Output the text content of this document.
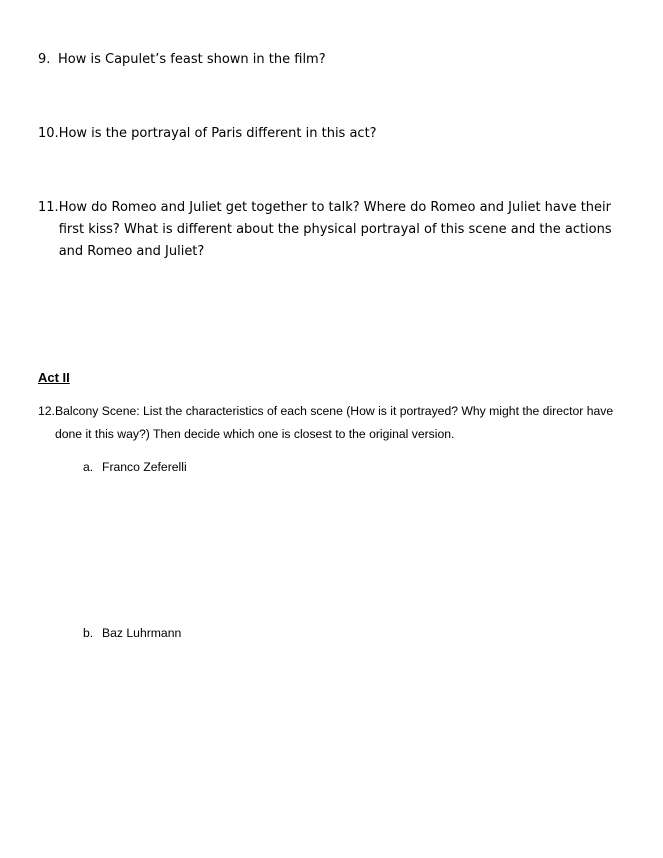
9. How is Capulet’s feast shown in the film?
10. How is the portrayal of Paris different in this act?
11. How do Romeo and Juliet get together to talk? Where do Romeo and Juliet have their first kiss? What is different about the physical portrayal of this scene and the actions and Romeo and Juliet?
Act II
12. Balcony Scene: List the characteristics of each scene (How is it portrayed? Why might the director have done it this way?) Then decide which one is closest to the original version.
a. Franco Zeferelli
b. Baz Luhrmann
